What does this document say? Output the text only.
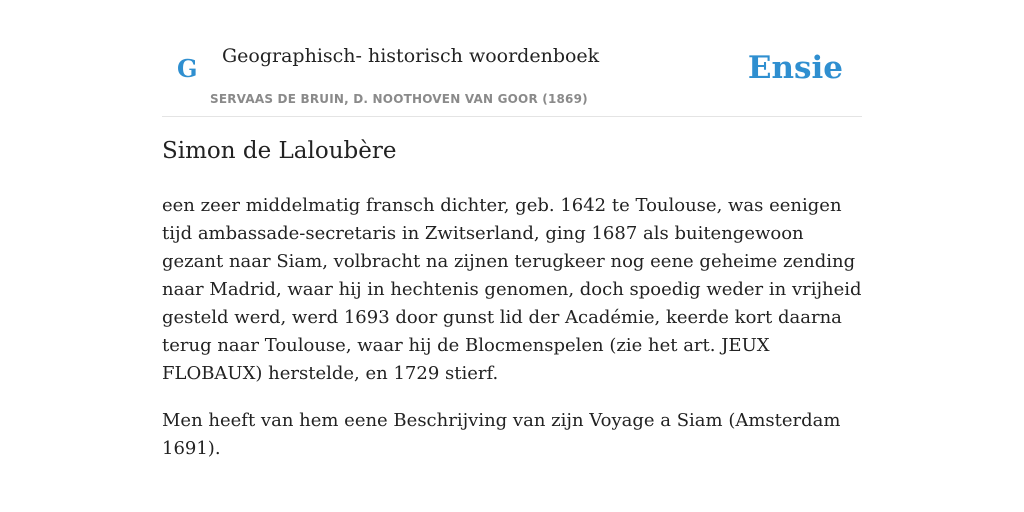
G Geographisch- historisch woordenboek
SERVAAS DE BRUIN, D. NOOTHOVEN VAN GOOR (1869)
Ensie
Simon de Laloubère

een zeer middelmatig fransch dichter, geb. 1642 te Toulouse, was eenigen tijd ambassade-secretaris in Zwitserland, ging 1687 als buitengewoon gezant naar Siam, volbracht na zijnen terugkeer nog eene geheime zending naar Madrid, waar hij in hechtenis genomen, doch spoedig weder in vrijheid gesteld werd, werd 1693 door gunst lid der Académie, keerde kort daarna terug naar Toulouse, waar hij de Blocmenspelen (zie het art. JEUX FLOBAUX) herstelde, en 1729 stierf.

Men heeft van hem eene Beschrijving van zijn Voyage a Siam (Amsterdam 1691).
